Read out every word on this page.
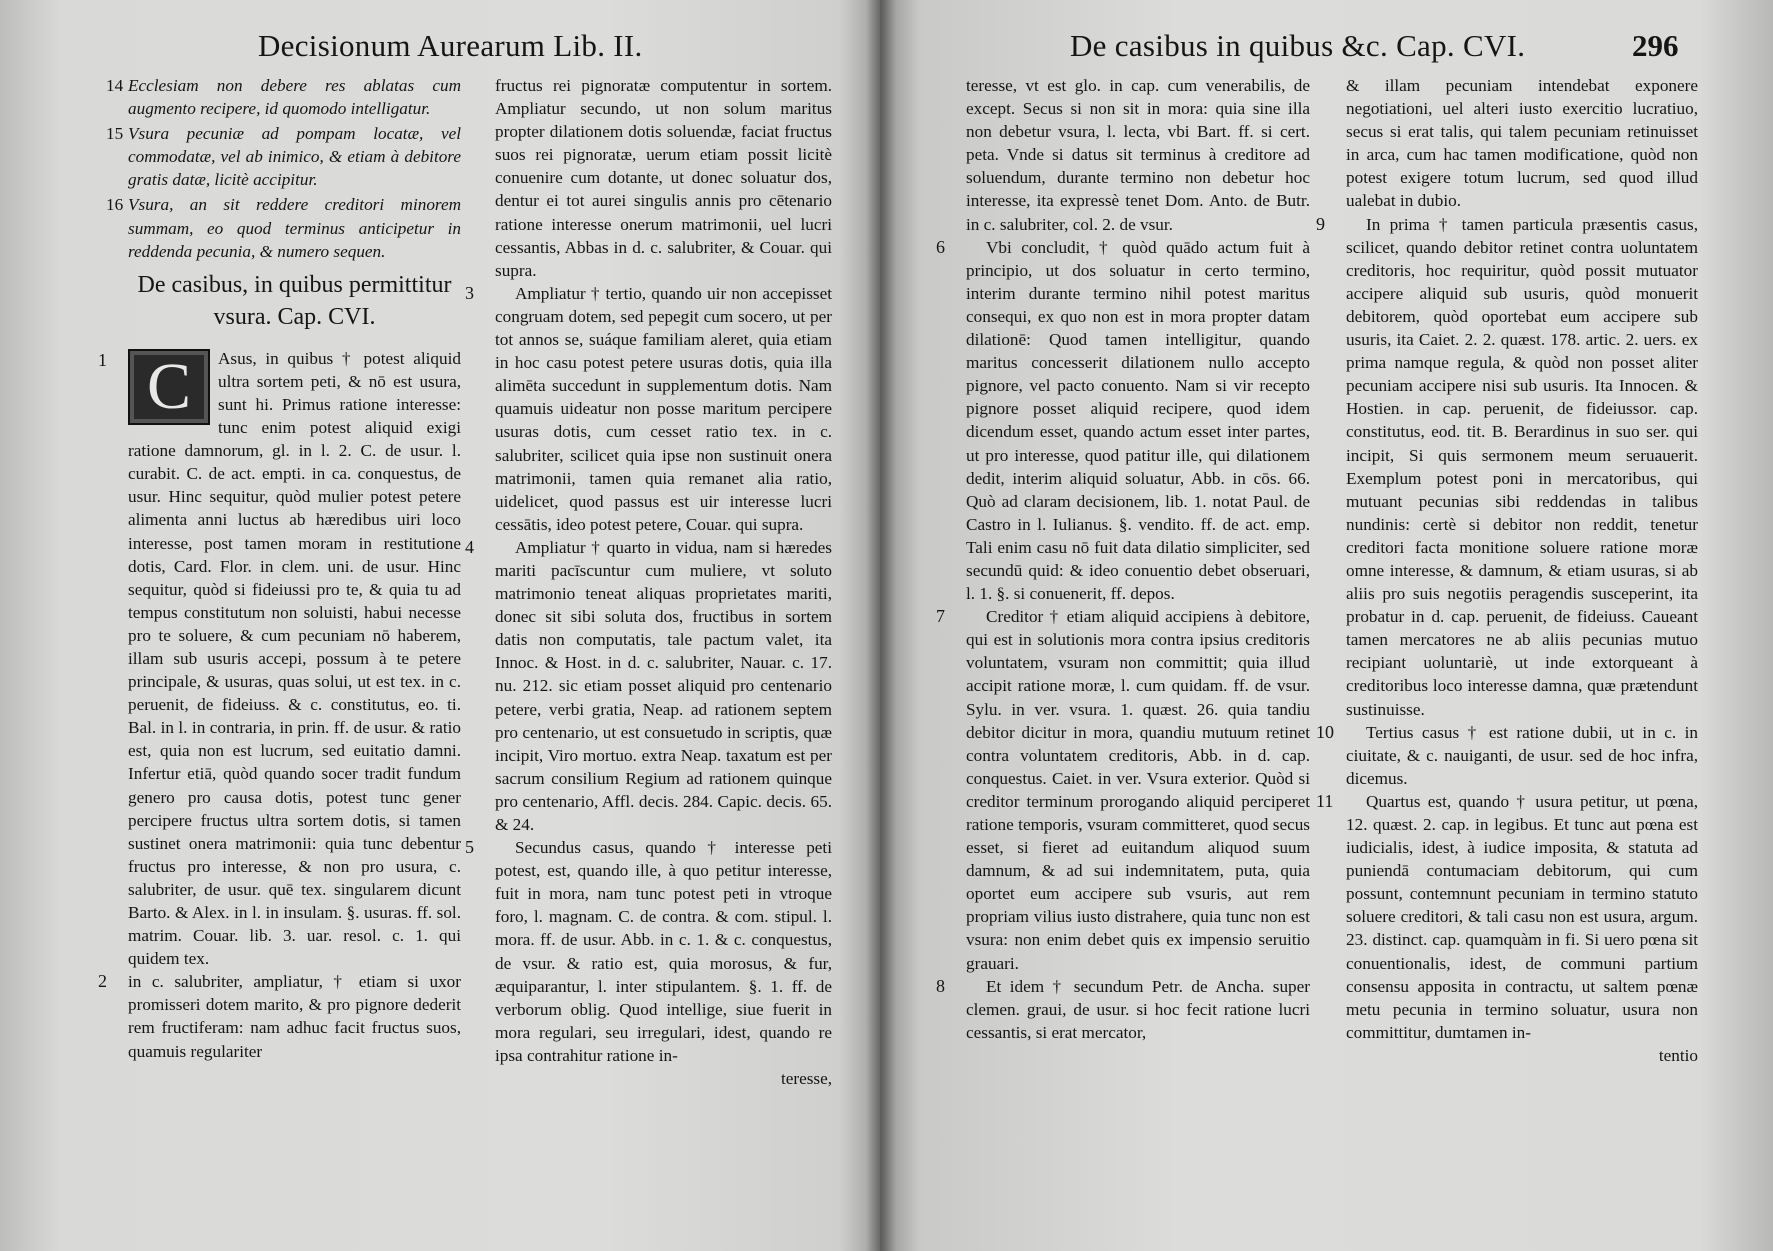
Decisionum Aurearum Lib. II.
14 Ecclesiam non debere res ablatas cum augmento recipere, id quomodo intelligatur.
15 Vsura pecuniæ ad pompam locatæ, vel commodatæ, vel ab inimico, & etiam à debitore gratis datæ, licitè accipitur.
16 Vsura, an sit reddere creditori minorem summam, eo quod terminus anticipetur in reddenda pecunia, & numero sequen.
De casibus, in quibus permittitur vsura. Cap. CVI.
1 C	Asus, in quibus † potest aliquid ultra sortem peti, & nō est usura, sunt hi. Primus ratione interesse: tunc enim potest aliquid exigi ratione damnorum, gl. in l. 2. C. de usur. l. curabit. C. de act. empti. in ca. conquestus, de usur. Hinc sequitur, quòd mulier potest petere alimenta anni luctus ab hæredibus uiri loco interesse, post tamen moram in restitutione dotis, Card. Flor. in clem. uni. de usur. Hinc sequitur, quòd si fideiussi pro te, & quia tu ad tempus constitutum non soluisti, habui necesse pro te soluere, & cum pecuniam nō haberem, illam sub usuris accepi, possum à te petere principale, & usuras, quas solui, ut est tex. in c. peruenit, de fideiuss. & c. constitutus, eo. ti. Bal. in l. in contraria, in prin. ff. de usur. & ratio est, quia non est lucrum, sed euitatio damni. Infertur etiā, quòd quando socer tradit fundum genero pro causa dotis, potest tunc gener percipere fructus ultra sortem dotis, si tamen sustinet onera matrimonii: quia tunc debentur fructus pro interesse, & non pro usura, c. salubriter, de usur. quē tex. singularem dicunt Barto. & Alex. in l. in insulam. §. usuras. ff. sol. matrim. Couar. lib. 3. uar. resol. c. 1. qui quidem tex.

2 in c. salubriter, ampliatur, † etiam si uxor promisseri dotem marito, & pro pignore dederit rem fructiferam: nam adhuc facit fructus suos, quamuis regulariter

fructus rei pignoratæ computentur in sortem. Ampliatur secundo, ut non solum maritus propter dilationem dotis soluendæ, faciat fructus suos rei pignoratæ, uerum etiam possit licitè conuenire cum dotante, ut donec soluatur dos, dentur ei tot aurei singulis annis pro cētenario ratione interesse onerum matrimonii, uel lucri cessantis, Abbas in d. c. salubriter, & Couar. qui supra.

3	Ampliatur † tertio, quando uir non accepisset congruam dotem, sed pepegit cum socero, ut per tot annos se, suáque familiam aleret, quia etiam in hoc casu potest petere usuras dotis, quia illa alimēta succedunt in supplementum dotis. Nam quamuis uideatur non posse maritum percipere usuras dotis, cum cesset ratio tex. in c. salubriter, scilicet quia ipse non sustinuit onera matrimonii, tamen quia remanet alia ratio, uidelicet, quod passus est uir interesse lucri cessātis, ideo potest petere, Couar. qui supra.

4	Ampliatur † quarto in vidua, nam si hæredes mariti pacīscuntur cum muliere, vt soluto matrimonio teneat aliquas proprietates mariti, donec sit sibi soluta dos, fructibus in sortem datis non computatis, tale pactum valet, ita Innoc. & Host. in d. c. salubriter, Nauar. c. 17. nu. 212. sic etiam posset aliquid pro centenario petere, verbi gratia, Neap. ad rationem septem pro centenario, ut est consuetudo in scriptis, quæ incipit, Viro mortuo. extra Neap. taxatum est per sacrum consilium Regium ad rationem quinque pro centenario, Affl. decis. 284. Capic. decis. 65. & 24.

5	Secundus casus, quando † interesse peti potest, est, quando ille, à quo petitur interesse, fuit in mora, nam tunc potest peti in vtroque foro, l. magnam. C. de contra. & com. stipul. l. mora. ff. de usur. Abb. in c. 1. & c. conquestus, de vsur. & ratio est, quia morosus, & fur, æquiparantur, l. inter stipulantem. §. 1. ff. de verborum oblig. Quod intellige, siue fuerit in mora regulari, seu irregulari, idest, quando re ipsa contrahitur ratione in-

teresse,
De casibus in quibus &c. Cap. CVI.	296

teresse, vt est glo. in cap. cum venerabilis, de except. Secus si non sit in mora: quia sine illa non debetur vsura, l. lecta, vbi Bart. ff. si cert. peta. Vnde si datus sit terminus à creditore ad soluendum, durante termino non debetur hoc interesse, ita expressè tenet Dom. Anto. de Butr. in c. salubriter, col. 2. de vsur.

6	Vbi concludit, † quòd quādo actum fuit à principio, ut dos soluatur in certo termino, interim durante termino nihil potest maritus consequi, ex quo non est in mora propter datam dilationē: Quod tamen intelligitur, quando maritus concesserit dilationem nullo accepto pignore, vel pacto conuento. Nam si vir recepto pignore posset aliquid recipere, quod idem dicendum esset, quando actum esset inter partes, ut pro interesse, quod patitur ille, qui dilationem dedit, interim aliquid soluatur, Abb. in cōs. 66. Quò ad claram decisionem, lib. 1. notat Paul. de Castro in l. Iulianus. §. vendito. ff. de act. emp. Tali enim casu nō fuit data dilatio simpliciter, sed secundū quid: & ideo conuentio debet obseruari, l. 1. §. si conuenerit, ff. depos.

7	Creditor † etiam aliquid accipiens à debitore, qui est in solutionis mora contra ipsius creditoris voluntatem, vsuram non committit; quia illud accipit ratione moræ, l. cum quidam. ff. de vsur. Sylu. in ver. vsura. 1. quæst. 26. quia tandiu debitor dicitur in mora, quandiu mutuum retinet contra voluntatem creditoris, Abb. in d. cap. conquestus. Caiet. in ver. Vsura exterior. Quòd si creditor terminum prorogando aliquid perciperet ratione temporis, vsuram committeret, quod secus esset, si fieret ad euitandum aliquod suum damnum, & ad sui indemnitatem, puta, quia oportet eum accipere sub vsuris, aut rem propriam vilius iusto distrahere, quia tunc non est vsura: non enim debet quis ex impensio seruitio grauari.

8	Et idem † secundum Petr. de Ancha. super clemen. graui, de usur. si hoc fecit ratione lucri cessantis, si erat mercator,

& illam pecuniam intendebat exponere negotiationi, uel alteri iusto exercitio lucratiuo, secus si erat talis, qui talem pecuniam retinuisset in arca, cum hac tamen modificatione, quòd non potest exigere totum lucrum, sed quod illud ualebat in dubio.

9	In prima † tamen particula præsentis casus, scilicet, quando debitor retinet contra uoluntatem creditoris, hoc requiritur, quòd possit mutuator accipere aliquid sub usuris, quòd monuerit debitorem, quòd oportebat eum accipere sub usuris, ita Caiet. 2. 2. quæst. 178. artic. 2. uers. ex prima namque regula, & quòd non posset aliter pecuniam accipere nisi sub usuris. Ita Innocen. & Hostien. in cap. peruenit, de fideiussor. cap. constitutus, eod. tit. B. Berardinus in suo ser. qui incipit, Si quis sermonem meum seruauerit. Exemplum potest poni in mercatoribus, qui mutuant pecunias sibi reddendas in talibus nundinis: certè si debitor non reddit, tenetur creditori facta monitione soluere ratione moræ omne interesse, & damnum, & etiam usuras, si ab aliis pro suis negotiis peragendis susceperint, ita probatur in d. cap. peruenit, de fideiuss. Caueant tamen mercatores ne ab aliis pecunias mutuo recipiant uoluntariè, ut inde extorqueant à creditoribus loco interesse damna, quæ prætendunt sustinuisse.

10	Tertius casus † est ratione dubii, ut in c. in ciuitate, & c. nauiganti, de usur. sed de hoc infra, dicemus.

11	Quartus est, quando † usura petitur, ut pœna, 12. quæst. 2. cap. in legibus. Et tunc aut pœna est iudicialis, idest, à iudice imposita, & statuta ad puniendā contumaciam debitorum, qui cum possunt, contemnunt pecuniam in termino statuto soluere creditori, & tali casu non est usura, argum. 23. distinct. cap. quamquàm in fi. Si uero pœna sit conuentionalis, idest, de communi partium consensu apposita in contractu, ut saltem pœnæ metu pecunia in termino soluatur, usura non committitur, dumtamen in-

tentio
